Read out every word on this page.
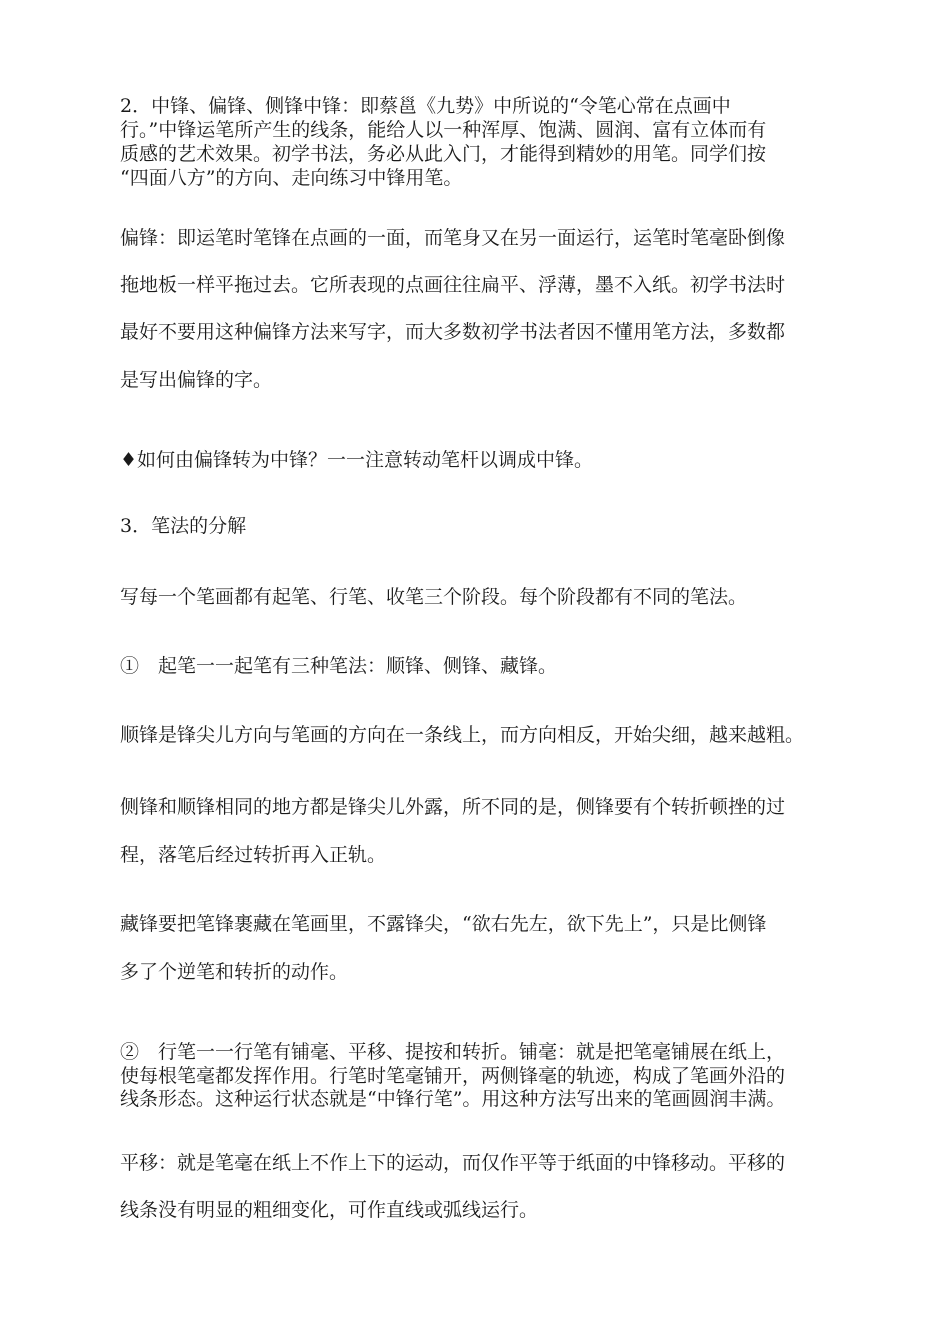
2．中锋、偏锋、侧锋中锋：即蔡邕《九势》中所说的“令笔心常在点画中
行。”中锋运笔所产生的线条，能给人以一种浑厚、饱满、圆润、富有立体而有
质感的艺术效果。初学书法，务必从此入门，才能得到精妙的用笔。同学们按
“四面八方”的方向、走向练习中锋用笔。
偏锋：即运笔时笔锋在点画的一面，而笔身又在另一面运行，运笔时笔毫卧倒像
拖地板一样平拖过去。它所表现的点画往往扁平、浮薄，墨不入纸。初学书法时
最好不要用这种偏锋方法来写字，而大多数初学书法者因不懂用笔方法，多数都
是写出偏锋的字。
♦如何由偏锋转为中锋？一一注意转动笔杆以调成中锋。
3．笔法的分解
写每一个笔画都有起笔、行笔、收笔三个阶段。每个阶段都有不同的笔法。
①　起笔一一起笔有三种笔法：顺锋、侧锋、藏锋。
顺锋是锋尖儿方向与笔画的方向在一条线上，而方向相反，开始尖细，越来越粗。
侧锋和顺锋相同的地方都是锋尖儿外露，所不同的是，侧锋要有个转折顿挫的过
程，落笔后经过转折再入正轨。
藏锋要把笔锋裹藏在笔画里，不露锋尖，“欲右先左，欲下先上”，只是比侧锋
多了个逆笔和转折的动作。
②　行笔一一行笔有铺毫、平移、提按和转折。铺毫：就是把笔毫铺展在纸上，
使每根笔毫都发挥作用。行笔时笔毫铺开，两侧锋毫的轨迹，构成了笔画外沿的
线条形态。这种运行状态就是“中锋行笔”。用这种方法写出来的笔画圆润丰满。
平移：就是笔毫在纸上不作上下的运动，而仅作平等于纸面的中锋移动。平移的
线条没有明显的粗细变化，可作直线或弧线运行。
